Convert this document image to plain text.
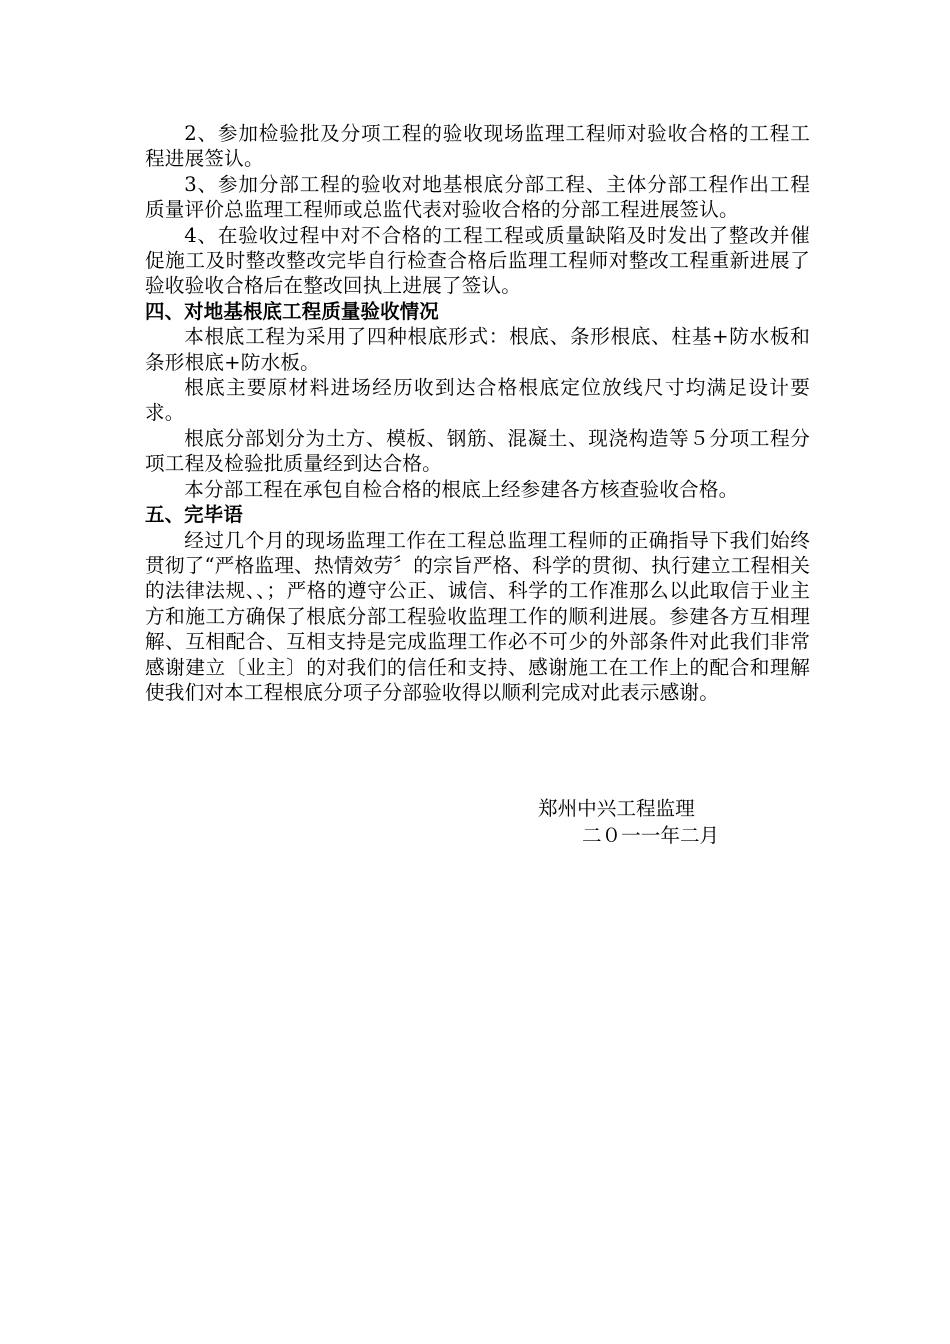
2、参加检验批及分项工程的验收现场监理工程师对验收合格的工程工程进展签认。

3、参加分部工程的验收对地基根底分部工程、主体分部工程作出工程质量评价总监理工程师或总监代表对验收合格的分部工程进展签认。

4、在验收过程中对不合格的工程工程或质量缺陷及时发出了整改并催促施工及时整改整改完毕自行检查合格后监理工程师对整改工程重新进展了验收验收合格后在整改回执上进展了签认。

四、对地基根底工程质量验收情况

本根底工程为采用了四种根底形式：根底、条形根底、柱基+防水板和条形根底+防水板。

根底主要原材料进场经历收到达合格根底定位放线尺寸均满足设计要求。

根底分部划分为土方、模板、钢筋、混凝土、现浇构造等５分项工程分项工程及检验批质量经到达合格。

本分部工程在承包自检合格的根底上经参建各方核查验收合格。

五、完毕语

经过几个月的现场监理工作在工程总监理工程师的正确指导下我们始终贯彻了“严格监理、热情效劳〞的宗旨严格、科学的贯彻、执行建立工程相关的法律法规、、；严格的遵守公正、诚信、科学的工作准那么以此取信于业主方和施工方确保了根底分部工程验收监理工作的顺利进展。参建各方互相理解、互相配合、互相支持是完成监理工作必不可少的外部条件对此我们非常感谢建立〔业主〕的对我们的信任和支持、感谢施工在工作上的配合和理解使我们对本工程根底分项子分部验收得以顺利完成对此表示感谢。

郑州中兴工程监理

二０一一年二月
